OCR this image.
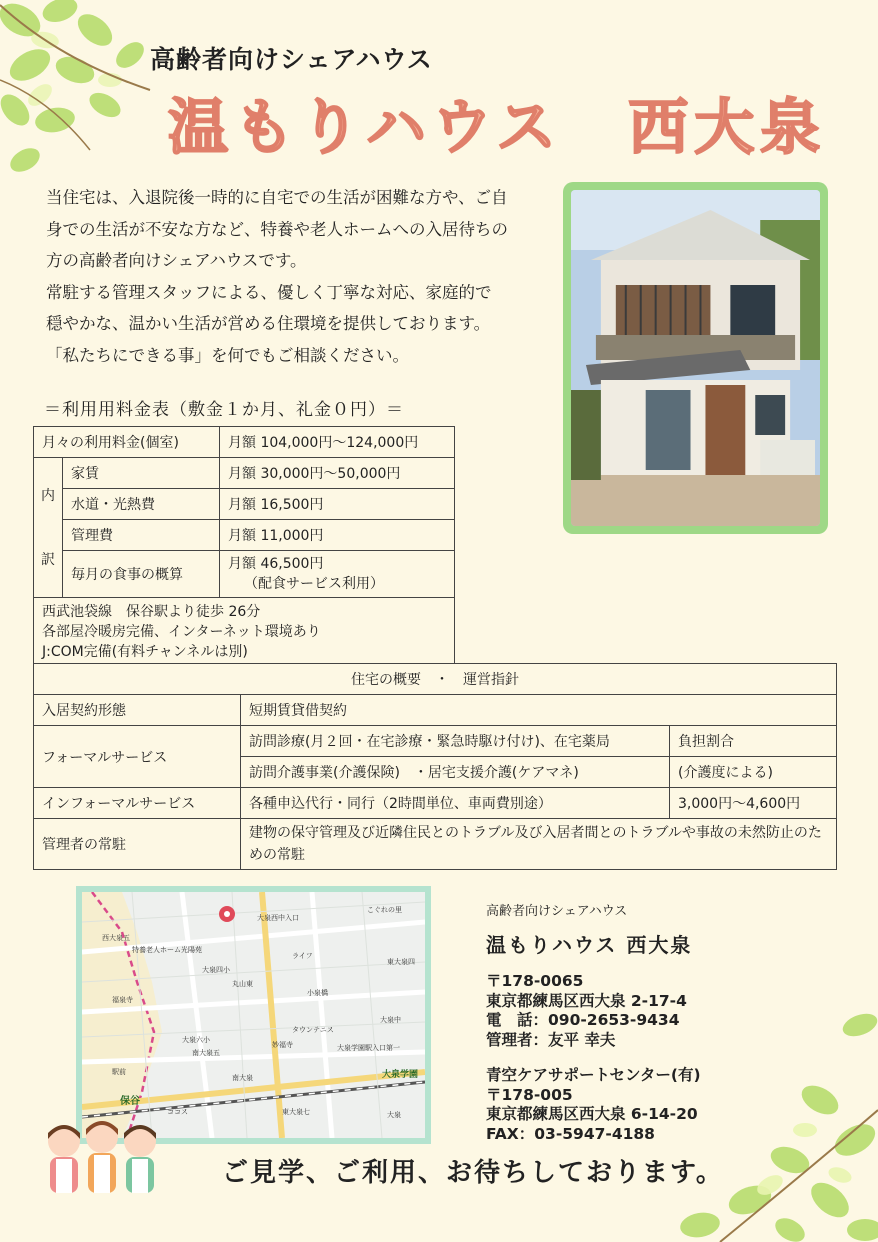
高齢者向けシェアハウス
温もりハウス　西大泉
当住宅は、入退院後一時的に自宅での生活が困難な方や、ご自
身での生活が不安な方など、特養や老人ホームへの入居待ちの
方の高齢者向けシェアハウスです。
常駐する管理スタッフによる、優しく丁寧な対応、家庭的で
穏やかな、温かい生活が営める住環境を提供しております。
「私たちにできる事」を何でもご相談ください。
＝利用用料金表（敷金１か月、礼金０円）＝
月々の利用料金(個室)		月額 104,000円～124,000円

内
訳	家賃	月額 30,000円～50,000円
	水道・光熱費	月額 16,500円
	管理費	月額 11,000円
	毎月の食事の概算	月額 46,500円
（配食サービス利用）

西武池袋線　保谷駅より徒歩 26分
各部屋冷暖房完備、インターネット環境あり
J:COM完備(有料チャンネルは別)		
住宅の概要　・　運営指針		
入居契約形態	短期賃貸借契約	
フォーマルサービス	訪問診療(月２回・在宅診療・緊急時駆け付け)、在宅薬局	負担割合
	訪問介護事業(介護保険)　・居宅支援介護(ケアマネ)	(介護度による)
インフォーマルサービス	各種申込代行・同行（2時間単位、車両費別途）	3,000円～4,600円
管理者の常駐	建物の保守管理及び近隣住民とのトラブル及び入居者間とのトラブルや事故の未然防止のための常駐	
西大泉五
特養老人ホーム光陽苑
大泉西中入口
こぐれの里
ライフ
大泉四小
東大泉四
丸山東
小泉橋
福泉寺
大泉六小
南大泉五
タウンテニス
大泉中
妙福寺	大泉学園駅入口第一
駅前
保谷
大泉学園
ココス	東大泉七
南大泉
大泉
高齢者向けシェアハウス
温もりハウス 西大泉
〒178-0065
東京都練馬区西大泉 2-17-4
電　話：090-2653-9434
管理者：友平 幸夫
青空ケアサポートセンター(有)
〒178-005
東京都練馬区西大泉 6-14-20
FAX：03-5947-4188
ご見学、ご利用、お待ちしております。
